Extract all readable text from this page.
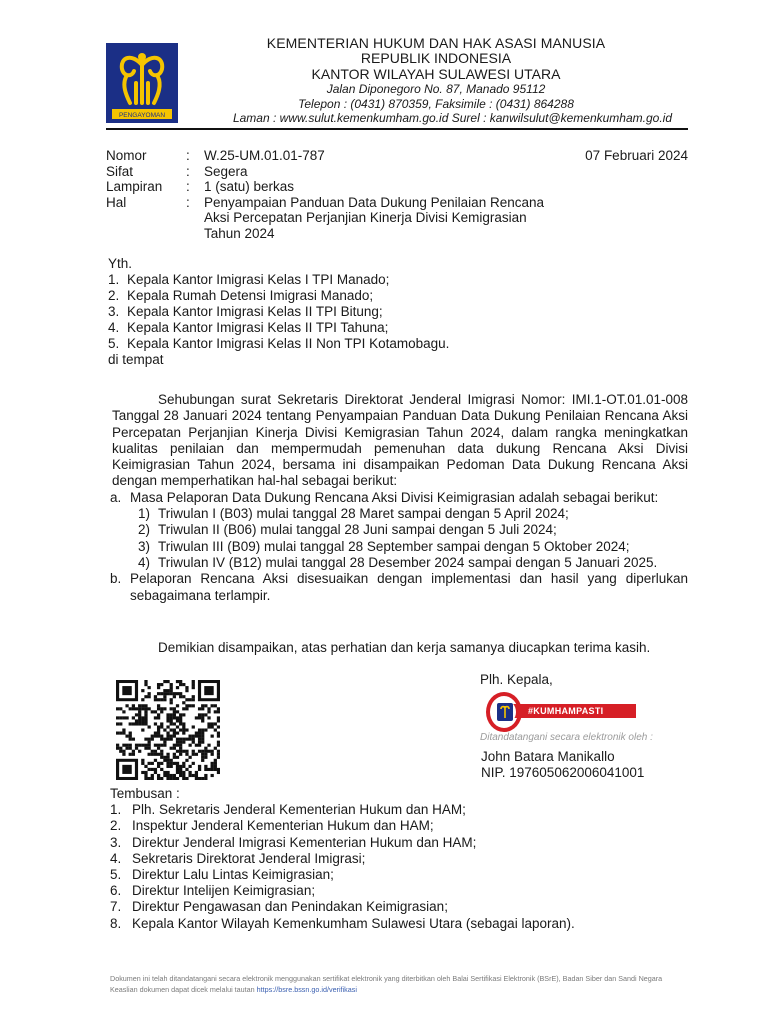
PENGAYOMAN
KEMENTERIAN HUKUM DAN HAK ASASI MANUSIA
REPUBLIK INDONESIA
KANTOR WILAYAH SULAWESI UTARA
Jalan Diponegoro No. 87, Manado 95112
Telepon : (0431) 870359, Faksimile : (0431) 864288
Laman : www.sulut.kemenkumham.go.id Surel : kanwilsulut@kemenkumham.go.id
Nomor	:	W.25-UM.01.01-787
Sifat	:	Segera
Lampiran	:	1 (satu) berkas
Hal	:	Penyampaian Panduan Data Dukung Penilaian Rencana Aksi Percepatan Perjanjian Kinerja Divisi Kemigrasian Tahun 2024
07 Februari 2024
Yth.
1. Kepala Kantor Imigrasi Kelas I TPI Manado;
2. Kepala Rumah Detensi Imigrasi Manado;
3. Kepala Kantor Imigrasi Kelas II TPI Bitung;
4. Kepala Kantor Imigrasi Kelas II TPI Tahuna;
5. Kepala Kantor Imigrasi Kelas II Non TPI Kotamobagu.
di tempat

Sehubungan surat Sekretaris Direktorat Jenderal Imigrasi Nomor: IMI.1-OT.01.01-008 Tanggal 28 Januari 2024 tentang Penyampaian Panduan Data Dukung Penilaian Rencana Aksi Percepatan Perjanjian Kinerja Divisi Kemigrasian Tahun 2024, dalam rangka meningkatkan kualitas penilaian dan mempermudah pemenuhan data dukung Rencana Aksi Divisi Keimigrasian Tahun 2024, bersama ini disampaikan Pedoman Data Dukung Rencana Aksi dengan memperhatikan hal-hal sebagai berikut:

a. Masa Pelaporan Data Dukung Rencana Aksi Divisi Keimigrasian adalah sebagai berikut:
1) Triwulan I (B03) mulai tanggal 28 Maret sampai dengan 5 April 2024;
2) Triwulan II (B06) mulai tanggal 28 Juni sampai dengan 5 Juli 2024;
3) Triwulan III (B09) mulai tanggal 28 September sampai dengan 5 Oktober 2024;
4) Triwulan IV (B12) mulai tanggal 28 Desember 2024 sampai dengan 5 Januari 2025.
b. Pelaporan Rencana Aksi disesuaikan dengan implementasi dan hasil yang diperlukan sebagaimana terlampir.
Demikian disampaikan, atas perhatian dan kerja samanya diucapkan terima kasih.
Plh. Kepala,
#KUMHAMPASTI
Ditandatangani secara elektronik oleh :
John Batara Manikallo
NIP. 197605062006041001
Tembusan :
1. Plh. Sekretaris Jenderal Kementerian Hukum dan HAM;
2. Inspektur Jenderal Kementerian Hukum dan HAM;
3. Direktur Jenderal Imigrasi Kementerian Hukum dan HAM;
4. Sekretaris Direktorat Jenderal Imigrasi;
5. Direktur Lalu Lintas Keimigrasian;
6. Direktur Intelijen Keimigrasian;
7. Direktur Pengawasan dan Penindakan Keimigrasian;
8. Kepala Kantor Wilayah Kemenkumham Sulawesi Utara (sebagai laporan).
Dokumen ini telah ditandatangani secara elektronik menggunakan sertifikat elektronik yang diterbitkan oleh Balai Sertifikasi Elektronik (BSrE), Badan Siber dan Sandi Negara
Keaslian dokumen dapat dicek melalui tautan https://bsre.bssn.go.id/verifikasi
